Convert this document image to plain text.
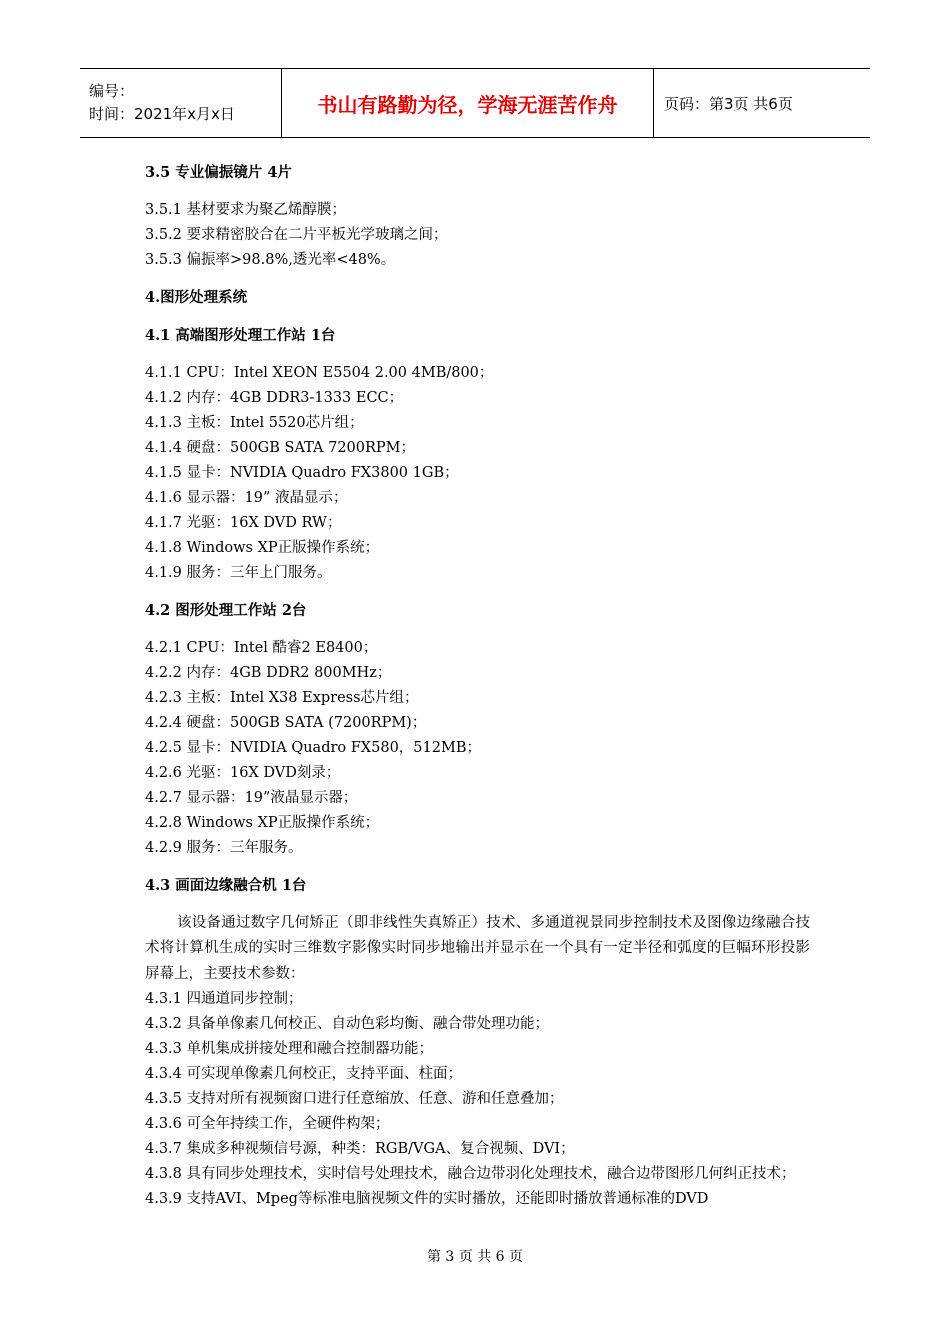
编号：
时间：2021年x月x日	书山有路勤为径，学海无涯苦作舟	页码：第3页 共6页
3.5 专业偏振镜片 4片
3.5.1 基材要求为聚乙烯醇膜；
3.5.2 要求精密胶合在二片平板光学玻璃之间；
3.5.3 偏振率>98.8%,透光率<48%。
4.图形处理系统
4.1 高端图形处理工作站 1台
4.1.1 CPU：Intel XEON E5504 2.00 4MB/800；
4.1.2 内存：4GB DDR3-1333 ECC；
4.1.3 主板：Intel 5520芯片组；
4.1.4 硬盘：500GB SATA 7200RPM；
4.1.5 显卡：NVIDIA Quadro FX3800 1GB；
4.1.6 显示器：19” 液晶显示；
4.1.7 光驱：16X DVD RW；
4.1.8 Windows XP正版操作系统；
4.1.9 服务：三年上门服务。
4.2 图形处理工作站 2台
4.2.1 CPU：Intel 酷睿2 E8400；
4.2.2 内存：4GB DDR2 800MHz；
4.2.3 主板：Intel X38 Express芯片组；
4.2.4 硬盘：500GB SATA (7200RPM)；
4.2.5 显卡：NVIDIA Quadro FX580，512MB；
4.2.6 光驱：16X DVD刻录；
4.2.7 显示器：19”液晶显示器；
4.2.8 Windows XP正版操作系统；
4.2.9 服务：三年服务。
4.3 画面边缘融合机 1台
该设备通过数字几何矫正（即非线性失真矫正）技术、多通道视景同步控制技术及图像边缘融合技术将计算机生成的实时三维数字影像实时同步地输出并显示在一个具有一定半径和弧度的巨幅环形投影屏幕上，主要技术参数：
4.3.1 四通道同步控制；
4.3.2 具备单像素几何校正、自动色彩均衡、融合带处理功能；
4.3.3 单机集成拼接处理和融合控制器功能；
4.3.4 可实现单像素几何校正，支持平面、柱面；
4.3.5 支持对所有视频窗口进行任意缩放、任意、游和任意叠加；
4.3.6 可全年持续工作，全硬件构架；
4.3.7 集成多种视频信号源，种类：RGB/VGA、复合视频、DVI；
4.3.8 具有同步处理技术，实时信号处理技术，融合边带羽化处理技术，融合边带图形几何纠正技术；
4.3.9 支持AVI、Mpeg等标准电脑视频文件的实时播放，还能即时播放普通标准的DVD
第 3 页 共 6 页
